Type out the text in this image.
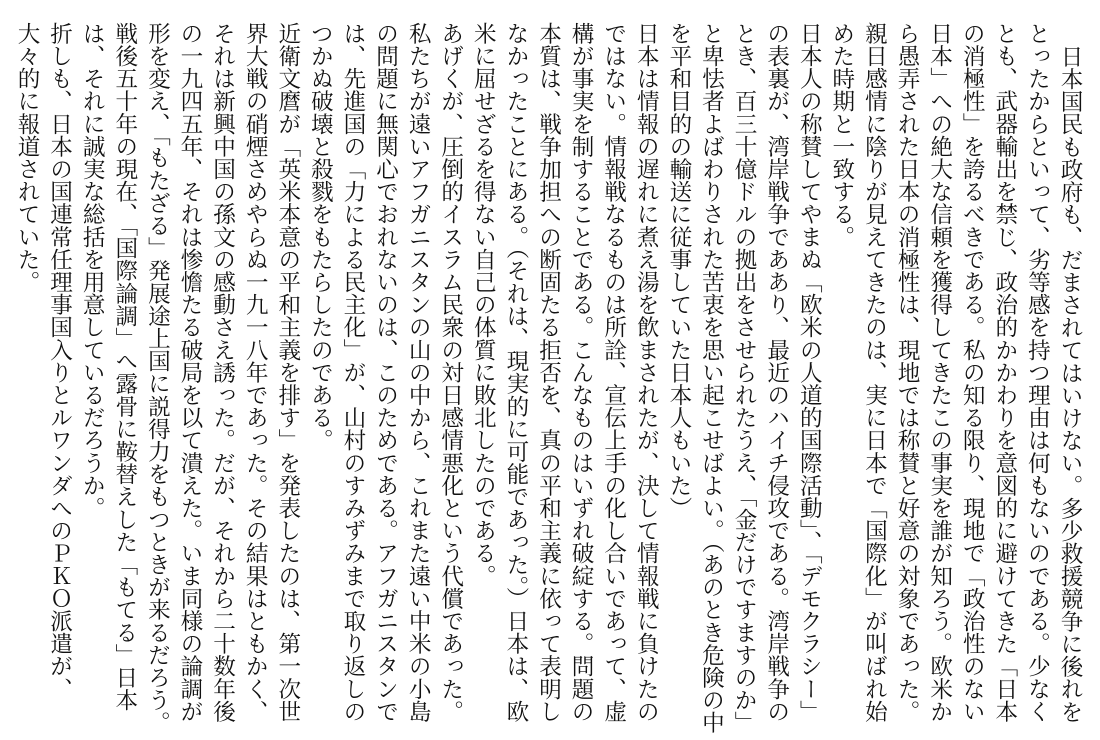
日本国民も政府も、だまされてはいけない。多少救援競争に後れをとったからといって、劣等感を持つ理由は何もないのである。少なくとも、武器輸出を禁じ、政治的かかわりを意図的に避けてきた「日本の消極性」を誇るべきである。私の知る限り、現地で「政治性のない日本」への絶大な信頼を獲得してきたこの事実を誰が知ろう。欧米から愚弄された日本の消極性は、現地では称賛と好意の対象であった。親日感情に陰りが見えてきたのは、実に日本で「国際化」が叫ばれ始めた時期と一致する。

日本人の称賛してやまぬ「欧米の人道的国際活動」、「デモクラシー」の表裏が、湾岸戦争でああり、最近のハイチ侵攻である。湾岸戦争のとき、百三十億ドルの拠出をさせられたうえ、「金だけですますのか」と卑怯者よばわりされた苦衷を思い起こせばよい。（あのとき危険の中を平和目的の輸送に従事していた日本人もいた）

日本は情報の遅れに煮え湯を飲まされたが、決して情報戦に負けたのではない。情報戦なるものは所詮、宣伝上手の化し合いであって、虚構が事実を制することである。こんなものはいずれ破綻する。問題の本質は、戦争加担への断固たる拒否を、真の平和主義に依って表明しなかったことにある。（それは、現実的に可能であった。）日本は、欧米に屈せざるを得ない自己の体質に敗北したのである。

あげくが、圧倒的イスラム民衆の対日感情悪化という代償であった。私たちが遠いアフガニスタンの山の中から、これまた遠い中米の小島の問題に無関心でおれないのは、このためである。アフガニスタンでは、先進国の「力による民主化」が、山村のすみずみまで取り返しのつかぬ破壊と殺戮をもたらしたのである。

近衛文麿が「英米本意の平和主義を排す」を発表したのは、第一次世界大戦の硝煙さめやらぬ一九一八年であった。その結果はともかく、それは新興中国の孫文の感動さえ誘った。だが、それから二十数年後の一九四五年、それは惨憺たる破局を以て潰えた。いま同様の論調が形を変え、「もたざる」発展途上国に説得力をもつときが来るだろう。戦後五十年の現在、「国際論調」へ露骨に鞍替えした「もてる」日本は、それに誠実な総括を用意しているだろうか。

折しも、日本の国連常任理事国入りとルワンダへのＰＫＯ派遣が、大々的に報道されていた。
